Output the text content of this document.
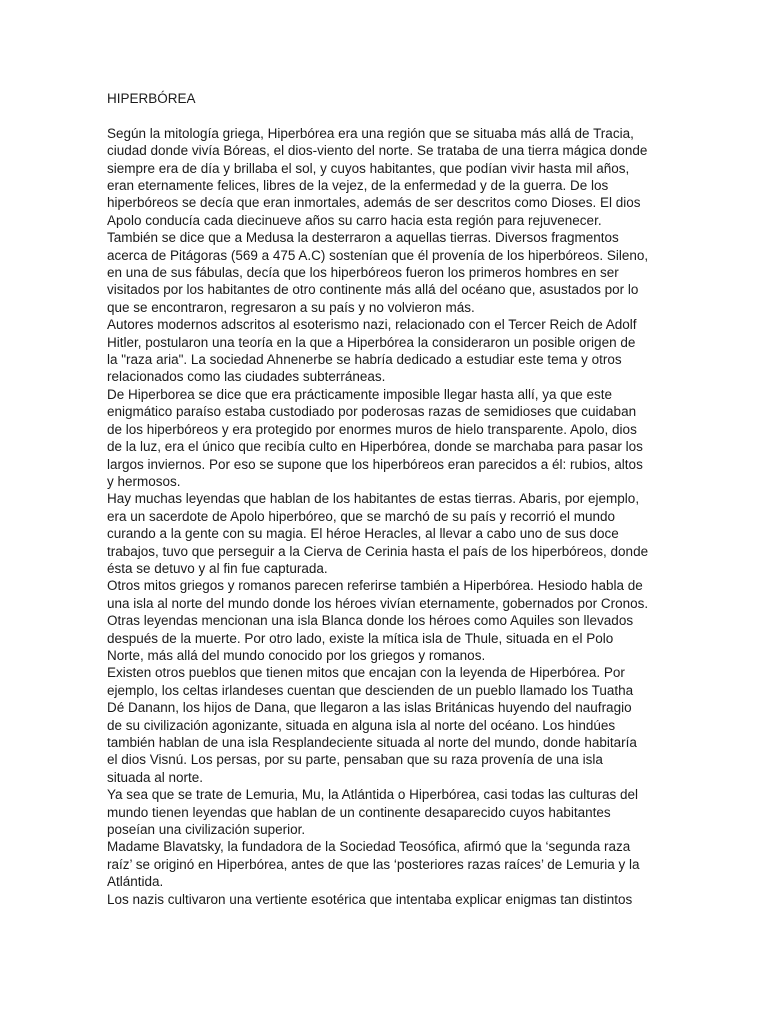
HIPERBÓREA

Según la mitología griega, Hiperbórea era una región que se situaba más allá de Tracia,
ciudad donde vivía Bóreas, el dios-viento del norte. Se trataba de una tierra mágica donde
siempre era de día y brillaba el sol, y cuyos habitantes, que podían vivir hasta mil años,
eran eternamente felices, libres de la vejez, de la enfermedad y de la guerra. De los
hiperbóreos se decía que eran inmortales, además de ser descritos como Dioses. El dios
Apolo conducía cada diecinueve años su carro hacia esta región para rejuvenecer.
También se dice que a Medusa la desterraron a aquellas tierras. Diversos fragmentos
acerca de Pitágoras (569 a 475 A.C) sostenían que él provenía de los hiperbóreos. Sileno,
en una de sus fábulas, decía que los hiperbóreos fueron los primeros hombres en ser
visitados por los habitantes de otro continente más allá del océano que, asustados por lo
que se encontraron, regresaron a su país y no volvieron más.

Autores modernos adscritos al esoterismo nazi, relacionado con el Tercer Reich de Adolf
Hitler, postularon una teoría en la que a Hiperbórea la consideraron un posible origen de
la "raza aria". La sociedad Ahnenerbe se habría dedicado a estudiar este tema y otros
relacionados como las ciudades subterráneas.

De Hiperborea se dice que era prácticamente imposible llegar hasta allí, ya que este
enigmático paraíso estaba custodiado por poderosas razas de semidioses que cuidaban
de los hiperbóreos y era protegido por enormes muros de hielo transparente. Apolo, dios
de la luz, era el único que recibía culto en Hiperbórea, donde se marchaba para pasar los
largos inviernos. Por eso se supone que los hiperbóreos eran parecidos a él: rubios, altos
y hermosos.

Hay muchas leyendas que hablan de los habitantes de estas tierras. Abaris, por ejemplo,
era un sacerdote de Apolo hiperbóreo, que se marchó de su país y recorrió el mundo
curando a la gente con su magia. El héroe Heracles, al llevar a cabo uno de sus doce
trabajos, tuvo que perseguir a la Cierva de Cerinia hasta el país de los hiperbóreos, donde
ésta se detuvo y al fin fue capturada.

Otros mitos griegos y romanos parecen referirse también a Hiperbórea. Hesiodo habla de
una isla al norte del mundo donde los héroes vivían eternamente, gobernados por Cronos.
Otras leyendas mencionan una isla Blanca donde los héroes como Aquiles son llevados
después de la muerte. Por otro lado, existe la mítica isla de Thule, situada en el Polo
Norte, más allá del mundo conocido por los griegos y romanos.

Existen otros pueblos que tienen mitos que encajan con la leyenda de Hiperbórea. Por
ejemplo, los celtas irlandeses cuentan que descienden de un pueblo llamado los Tuatha
Dé Danann, los hijos de Dana, que llegaron a las islas Británicas huyendo del naufragio
de su civilización agonizante, situada en alguna isla al norte del océano. Los hindúes
también hablan de una isla Resplandeciente situada al norte del mundo, donde habitaría
el dios Visnú. Los persas, por su parte, pensaban que su raza provenía de una isla
situada al norte.

Ya sea que se trate de Lemuria, Mu, la Atlántida o Hiperbórea, casi todas las culturas del
mundo tienen leyendas que hablan de un continente desaparecido cuyos habitantes
poseían una civilización superior.

Madame Blavatsky, la fundadora de la Sociedad Teosófica, afirmó que la ‘segunda raza
raíz’ se originó en Hiperbórea, antes de que las ‘posteriores razas raíces’ de Lemuria y la
Atlántida.

Los nazis cultivaron una vertiente esotérica que intentaba explicar enigmas tan distintos
